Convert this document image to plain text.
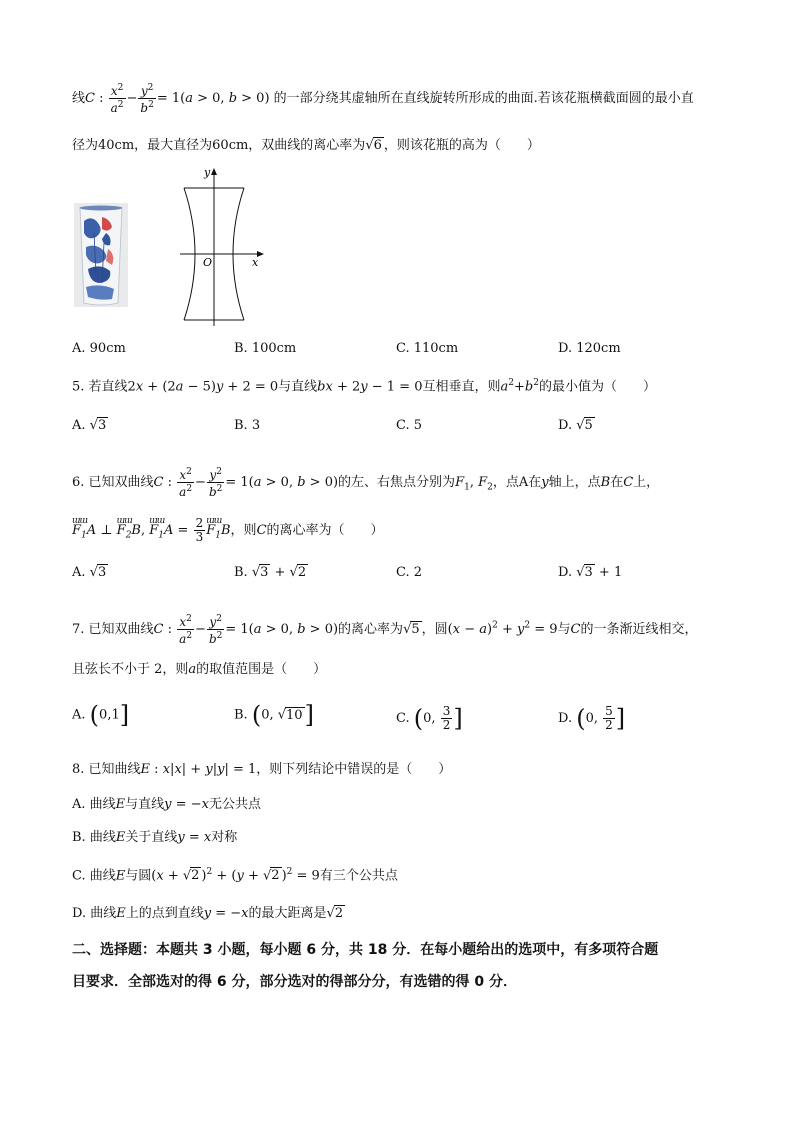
线C : $\frac{x^2}{a^2} - \frac{y^2}{b^2} = 1(a > 0$, b > 0) 的一部分绕其虚轴所在直线旋转所形成的曲面.若该花瓶横截面圆的最小直
径为40cm，最大直径为60cm，双曲线的离心率为√6 ，则该花瓶的高为（　　）
y
x
O
A. 90cm	B. 100cm	C. 110cm	D. 120cm
5. 若直线2x + (2a − 5)y + 2 = 0与直线bx + 2y − 1 = 0互相垂直，则$a^2+b^2$的最小值为（　　）
A. √3	B. 3	C. 5	D. √5
6. 已知双曲线C : $\frac{x^2}{a^2} - \frac{y^2}{b^2} = 1(a > 0$, b > 0)的左、右焦点分别为$F_1$, $F_2$，点A在y轴上，点B在C上，
ɯɯ $F_1A$ ⊥ ɯɯ $F_2B$, ɯɯ $F_1A = \frac{2}{3}$
ɯɯ $F_1B$，则C的离心率为（　　）
A. √3	B. √3 + √2	C. 2	D. √3 + 1
7. 已知双曲线C : $\frac{x^2}{a^2} - \frac{y^2}{b^2} = 1(a > 0$, b > 0)的离心率为√5 ，圆$(x - a)^2 + y^2 = 9$与C的一条渐近线相交，
且弦长不小于 2，则a的取值范围是（　　）
A. (0,1]	B. (0, √10]	C. (0, $\frac{3}{2}$ ]	D. (0, $\frac{5}{2}$ ]
8. 已知曲线E : x|x| + y|y| = 1，则下列结论中错误的是（　　）
A. 曲线E与直线y = −x无公共点
B. 曲线E关于直线y = x对称
C. 曲线E与圆(x + √2 )$^2$ + (y + √2 )$^2$ = 9有三个公共点
D. 曲线E上的点到直线y = −x的最大距离是√2
二、选择题：本题共 3 小题，每小题 6 分，共 18 分．在每小题给出的选项中，有多项符合题
目要求．全部选对的得 6 分，部分选对的得部分分，有选错的得 0 分．
